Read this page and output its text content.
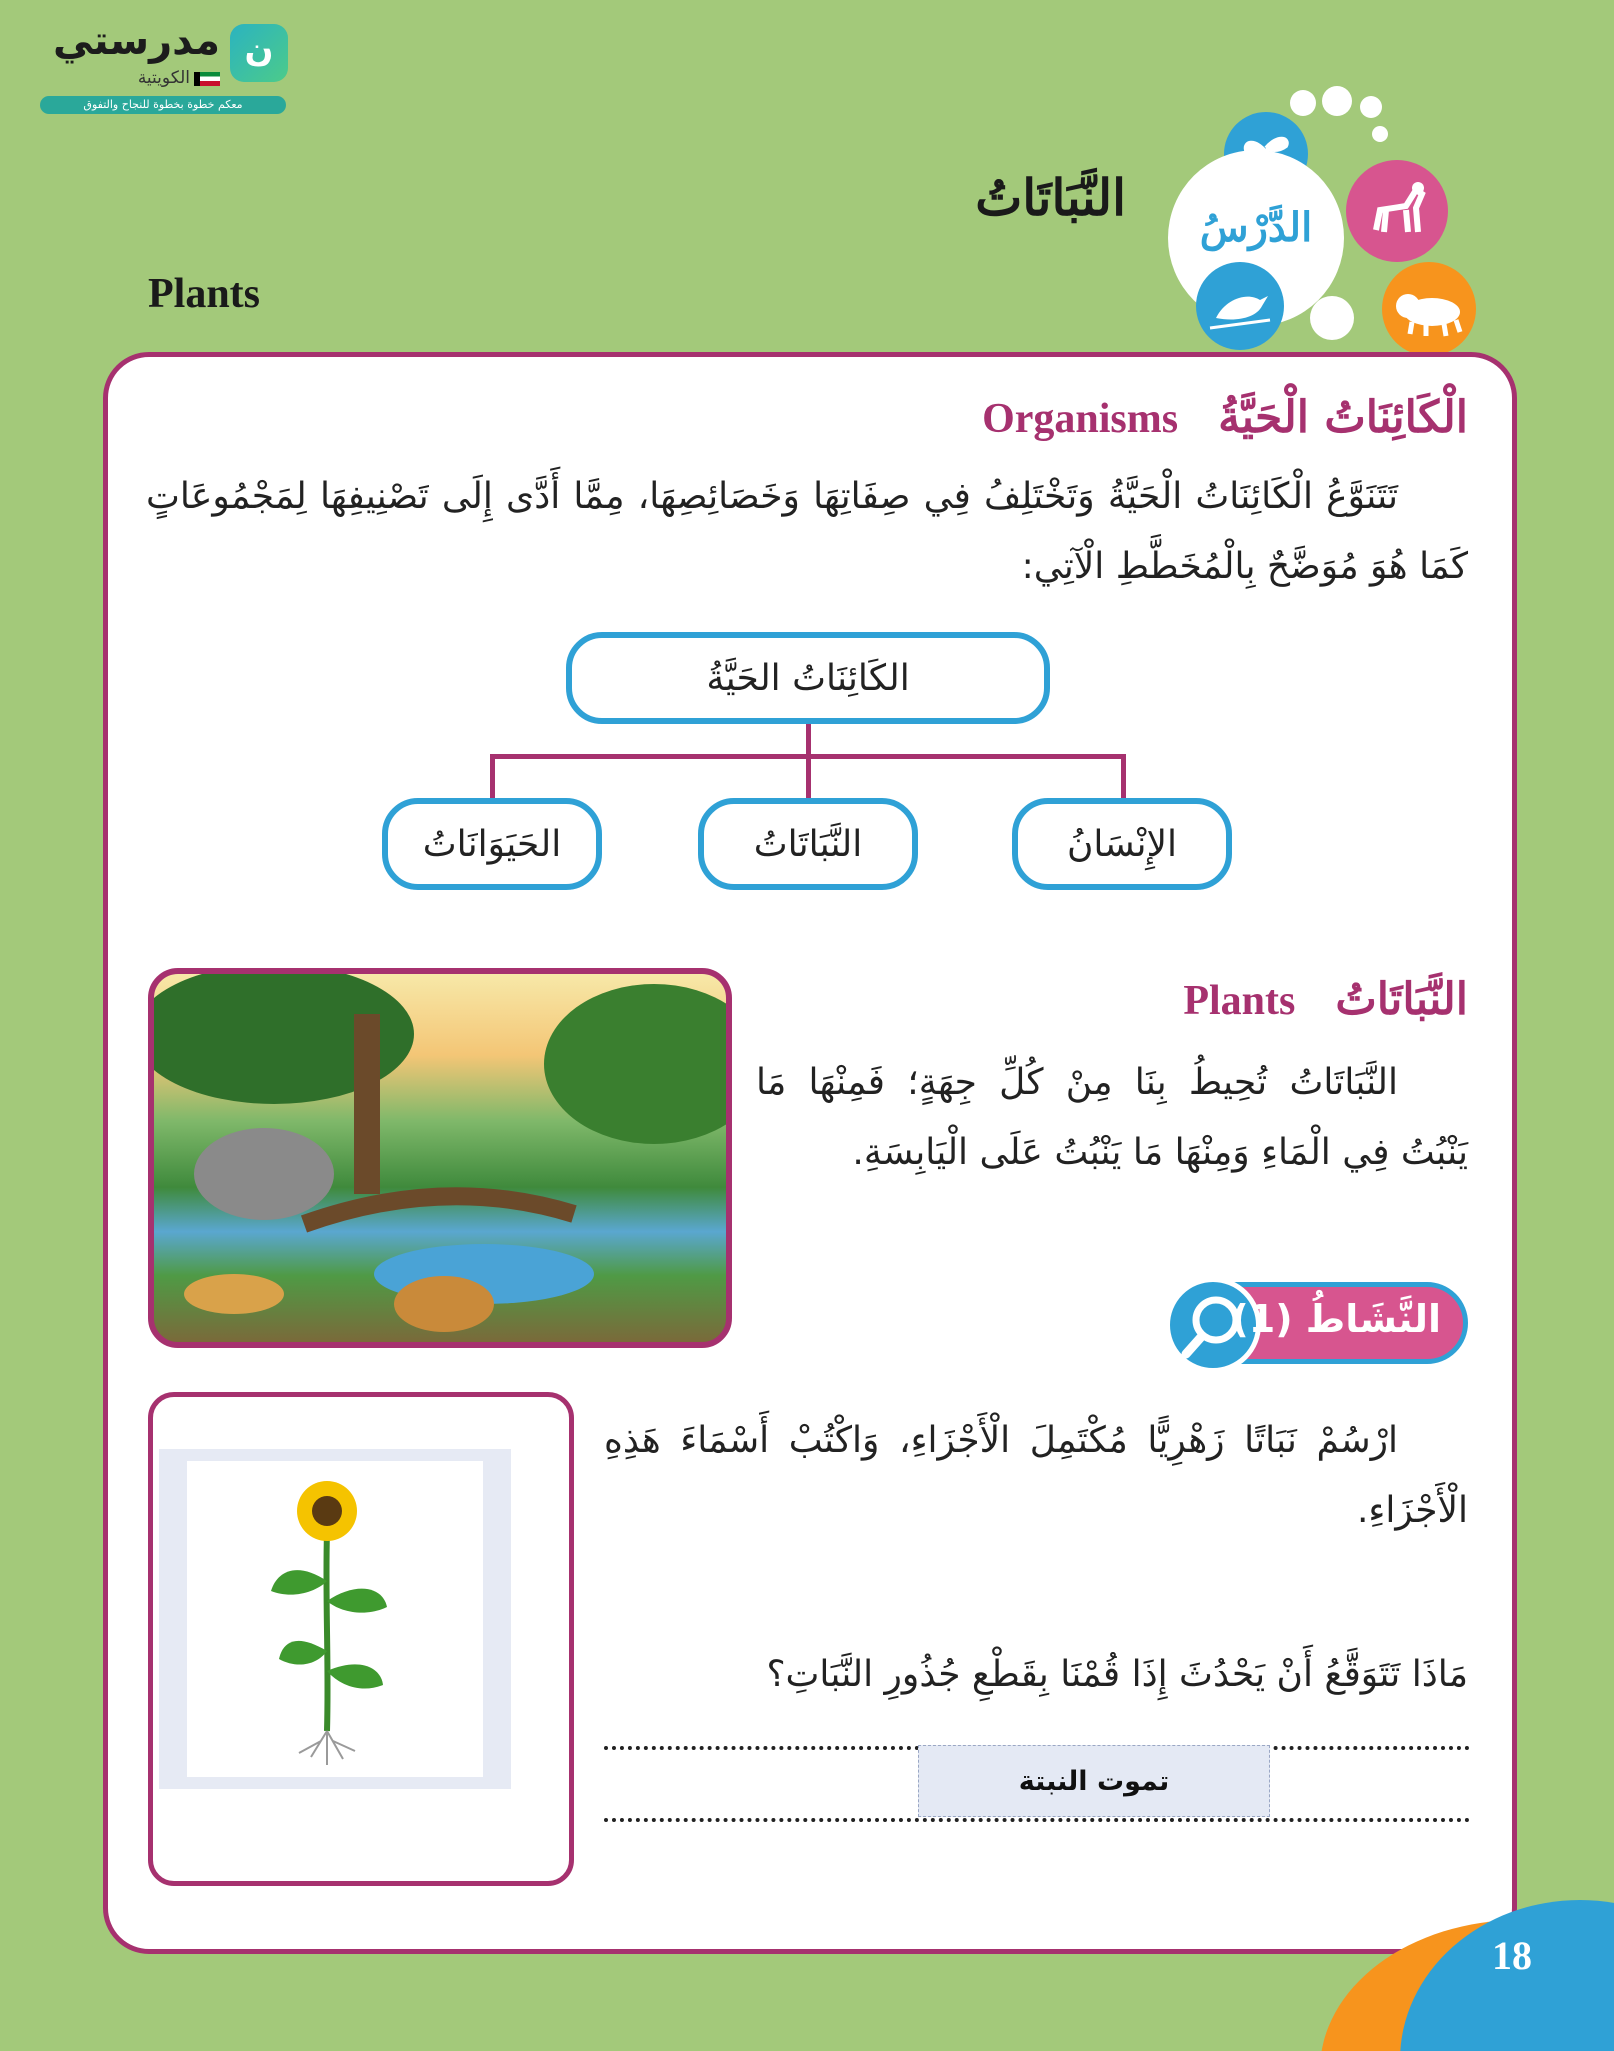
ن
مدرستي
الكويتية
معكم خطوة بخطوة للنجاح والتفوق
الدَّرْسُ
النَّبَاتَاتُ
Plants
الْكَائِنَاتُ الْحَيَّةُ
Organisms
تَتَنَوَّعُ الْكَائِنَاتُ الْحَيَّةُ وَتَخْتَلِفُ فِي صِفَاتِهَا وَخَصَائِصِهَا، مِمَّا أَدَّى إِلَى تَصْنِيفِهَا لِمَجْمُوعَاتٍ كَمَا هُوَ مُوَضَّحٌ بِالْمُخَطَّطِ الْآتِي:
الكَائِنَاتُ الحَيَّةُ
الإِنْسَانُ
النَّبَاتَاتُ
الحَيَوَانَاتُ
النَّبَاتَاتُ
Plants
النَّبَاتَاتُ تُحِيطُ بِنَا مِنْ كُلِّ جِهَةٍ؛ فَمِنْهَا مَا يَنْبُتُ فِي الْمَاءِ وَمِنْهَا مَا يَنْبُتُ عَلَى الْيَابِسَةِ.
النَّشَاطُ (1)
ارْسُمْ نَبَاتًا زَهْرِيًّا مُكْتَمِلَ الْأَجْزَاءِ، وَاكْتُبْ أَسْمَاءَ هَذِهِ الْأَجْزَاءِ.
مَاذَا تَتَوَقَّعُ أَنْ يَحْدُثَ إِذَا قُمْنَا بِقَطْعِ جُذُورِ النَّبَاتِ؟
تموت النبتة
18
